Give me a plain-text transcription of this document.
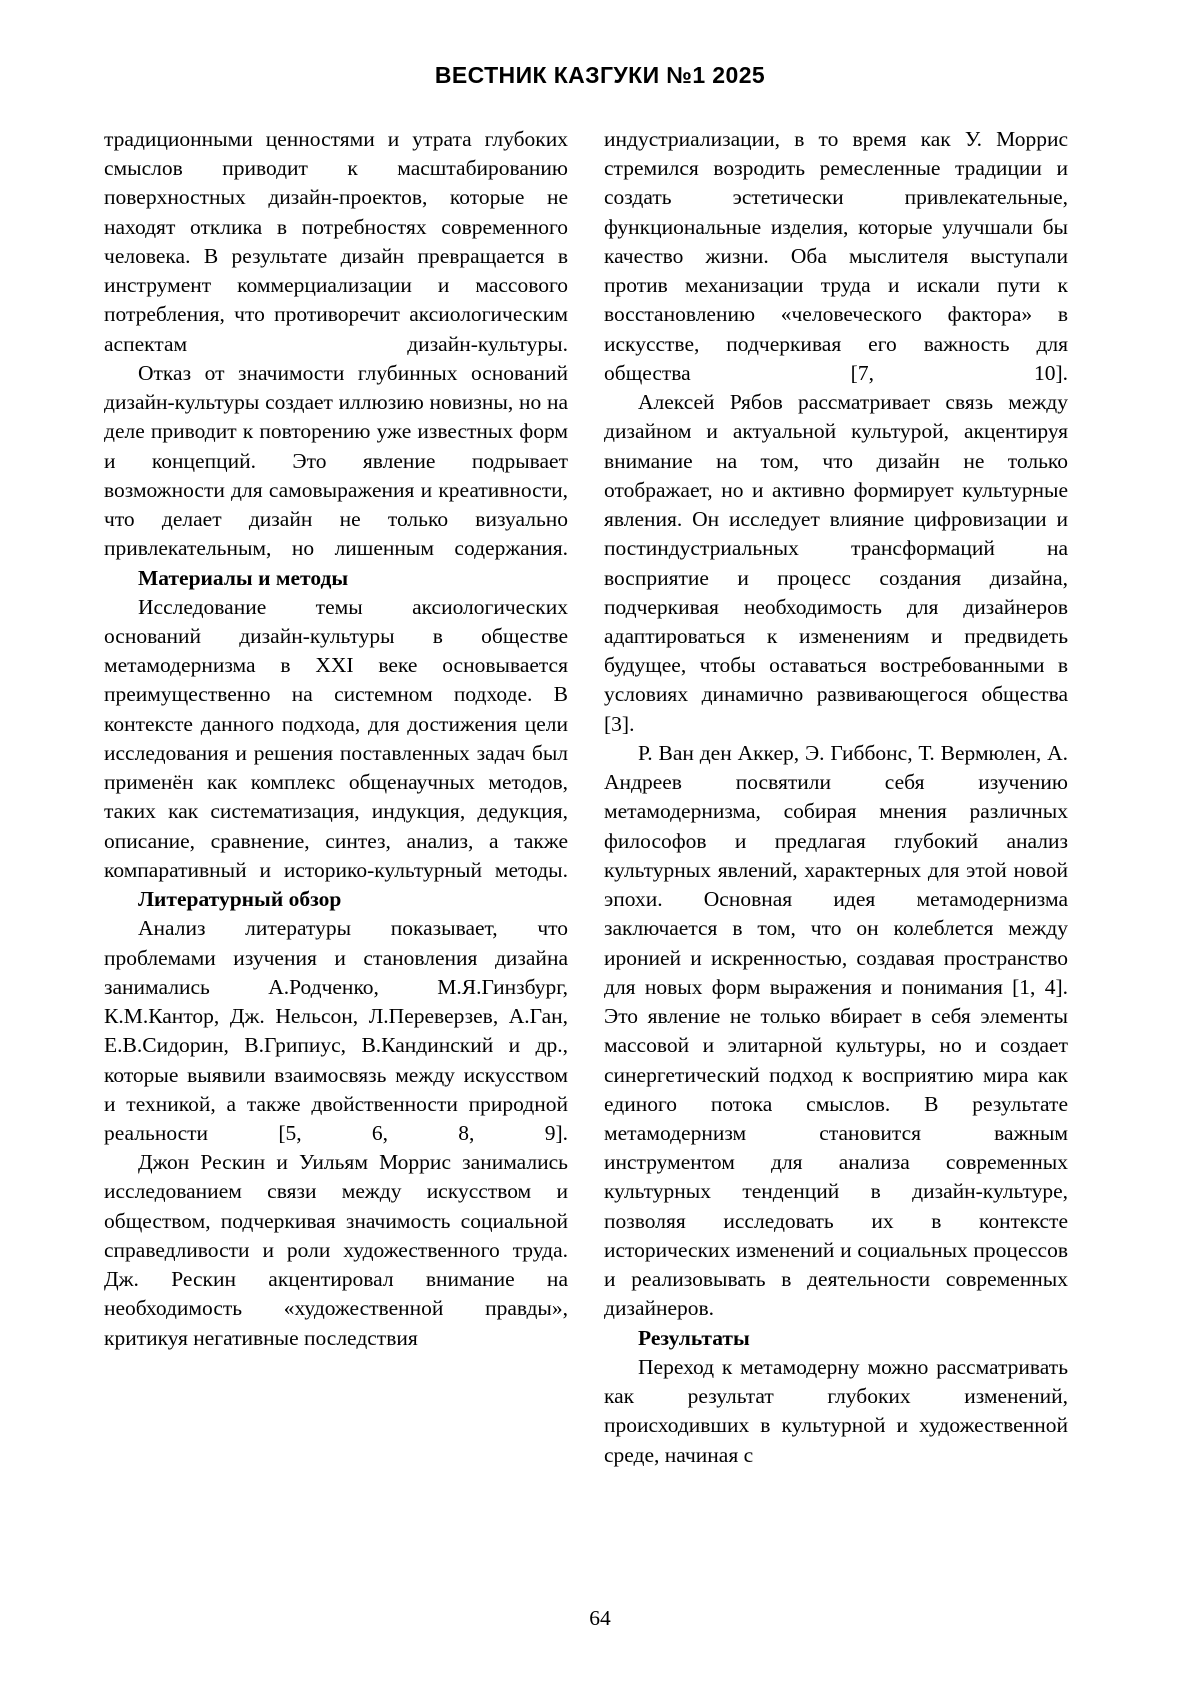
ВЕСТНИК КАЗГУКИ №1 2025

традиционными ценностями и утрата глубоких смыслов приводит к масштабированию поверхностных дизайн-проектов, которые не находят отклика в потребностях современного человека. В результате дизайн превращается в инструмент коммерциализации и массового потребления, что противоречит аксиологическим аспектам дизайн-культуры.

Отказ от значимости глубинных оснований дизайн-культуры создает иллюзию новизны, но на деле приводит к повторению уже известных форм и концепций. Это явление подрывает возможности для самовыражения и креативности, что делает дизайн не только визуально привлекательным, но лишенным содержания.

Материалы и методы

Исследование темы аксиологических оснований дизайн-культуры в обществе метамодернизма в XXI веке основывается преимущественно на системном подходе. В контексте данного подхода, для достижения цели исследования и решения поставленных задач был применён как комплекс общенаучных методов, таких как систематизация, индукция, дедукция, описание, сравнение, синтез, анализ, а также компаративный и историко-культурный методы.

Литературный обзор

Анализ литературы показывает, что проблемами изучения и становления дизайна занимались А.Родченко, М.Я.Гинзбург, К.М.Кантор, Дж. Нельсон, Л.Переверзев, А.Ган, Е.В.Сидорин, В.Грипиус, В.Кандинский и др., которые выявили взаимосвязь между искусством и техникой, а также двойственности природной реальности [5, 6, 8, 9].

Джон Рескин и Уильям Моррис занимались исследованием связи между искусством и обществом, подчеркивая значимость социальной справедливости и роли художественного труда. Дж. Рескин акцентировал внимание на необходимость «художественной правды», критикуя негативные последствия

индустриализации, в то время как У. Моррис стремился возродить ремесленные традиции и создать эстетически привлекательные, функциональные изделия, которые улучшали бы качество жизни. Оба мыслителя выступали против механизации труда и искали пути к восстановлению «человеческого фактора» в искусстве, подчеркивая его важность для общества [7, 10].

Алексей Рябов рассматривает связь между дизайном и актуальной культурой, акцентируя внимание на том, что дизайн не только отображает, но и активно формирует культурные явления. Он исследует влияние цифровизации и постиндустриальных трансформаций на восприятие и процесс создания дизайна, подчеркивая необходимость для дизайнеров адаптироваться к изменениям и предвидеть будущее, чтобы оставаться востребованными в условиях динамично развивающегося общества [3].

Р. Ван ден Аккер, Э. Гиббонс, Т. Вермюлен, А. Андреев посвятили себя изучению метамодернизма, собирая мнения различных философов и предлагая глубокий анализ культурных явлений, характерных для этой новой эпохи. Основная идея метамодернизма заключается в том, что он колеблется между иронией и искренностью, создавая пространство для новых форм выражения и понимания [1, 4]. Это явление не только вбирает в себя элементы массовой и элитарной культуры, но и создает синергетический подход к восприятию мира как единого потока смыслов. В результате метамодернизм становится важным инструментом для анализа современных культурных тенденций в дизайн-культуре, позволяя исследовать их в контексте исторических изменений и социальных процессов и реализовывать в деятельности современных дизайнеров.

Результаты

Переход к метамодерну можно рассматривать как результат глубоких изменений, происходивших в культурной и художественной среде, начиная с

64
